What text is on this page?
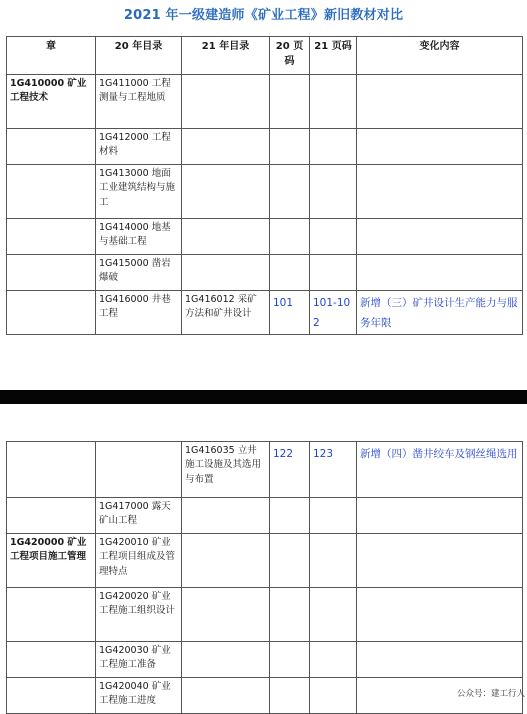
2021 年一级建造师《矿业工程》新旧教材对比
章	20 年目录	21 年目录	20 页码	21 页码	变化内容
1G410000 矿业工程技术	1G411000 工程测量与工程地质				
	1G412000 工程材料				
	1G413000 地面工业建筑结构与施工				
	1G414000 地基与基础工程				
	1G415000 凿岩爆破				
	1G416000 井巷工程	1G416012 采矿方法和矿井设计	101	101-102	新增（三）矿井设计生产能力与服务年限
		1G416035 立井施工设施及其选用与布置	122	123	新增（四）凿井绞车及钢丝绳选用
	1G417000 露天矿山工程				
1G420000 矿业工程项目施工管理	1G420010 矿业工程项目组成及管理特点				
	1G420020 矿业工程施工组织设计				
	1G420030 矿业工程施工准备				
	1G420040 矿业工程施工进度				
公众号：建工行人
